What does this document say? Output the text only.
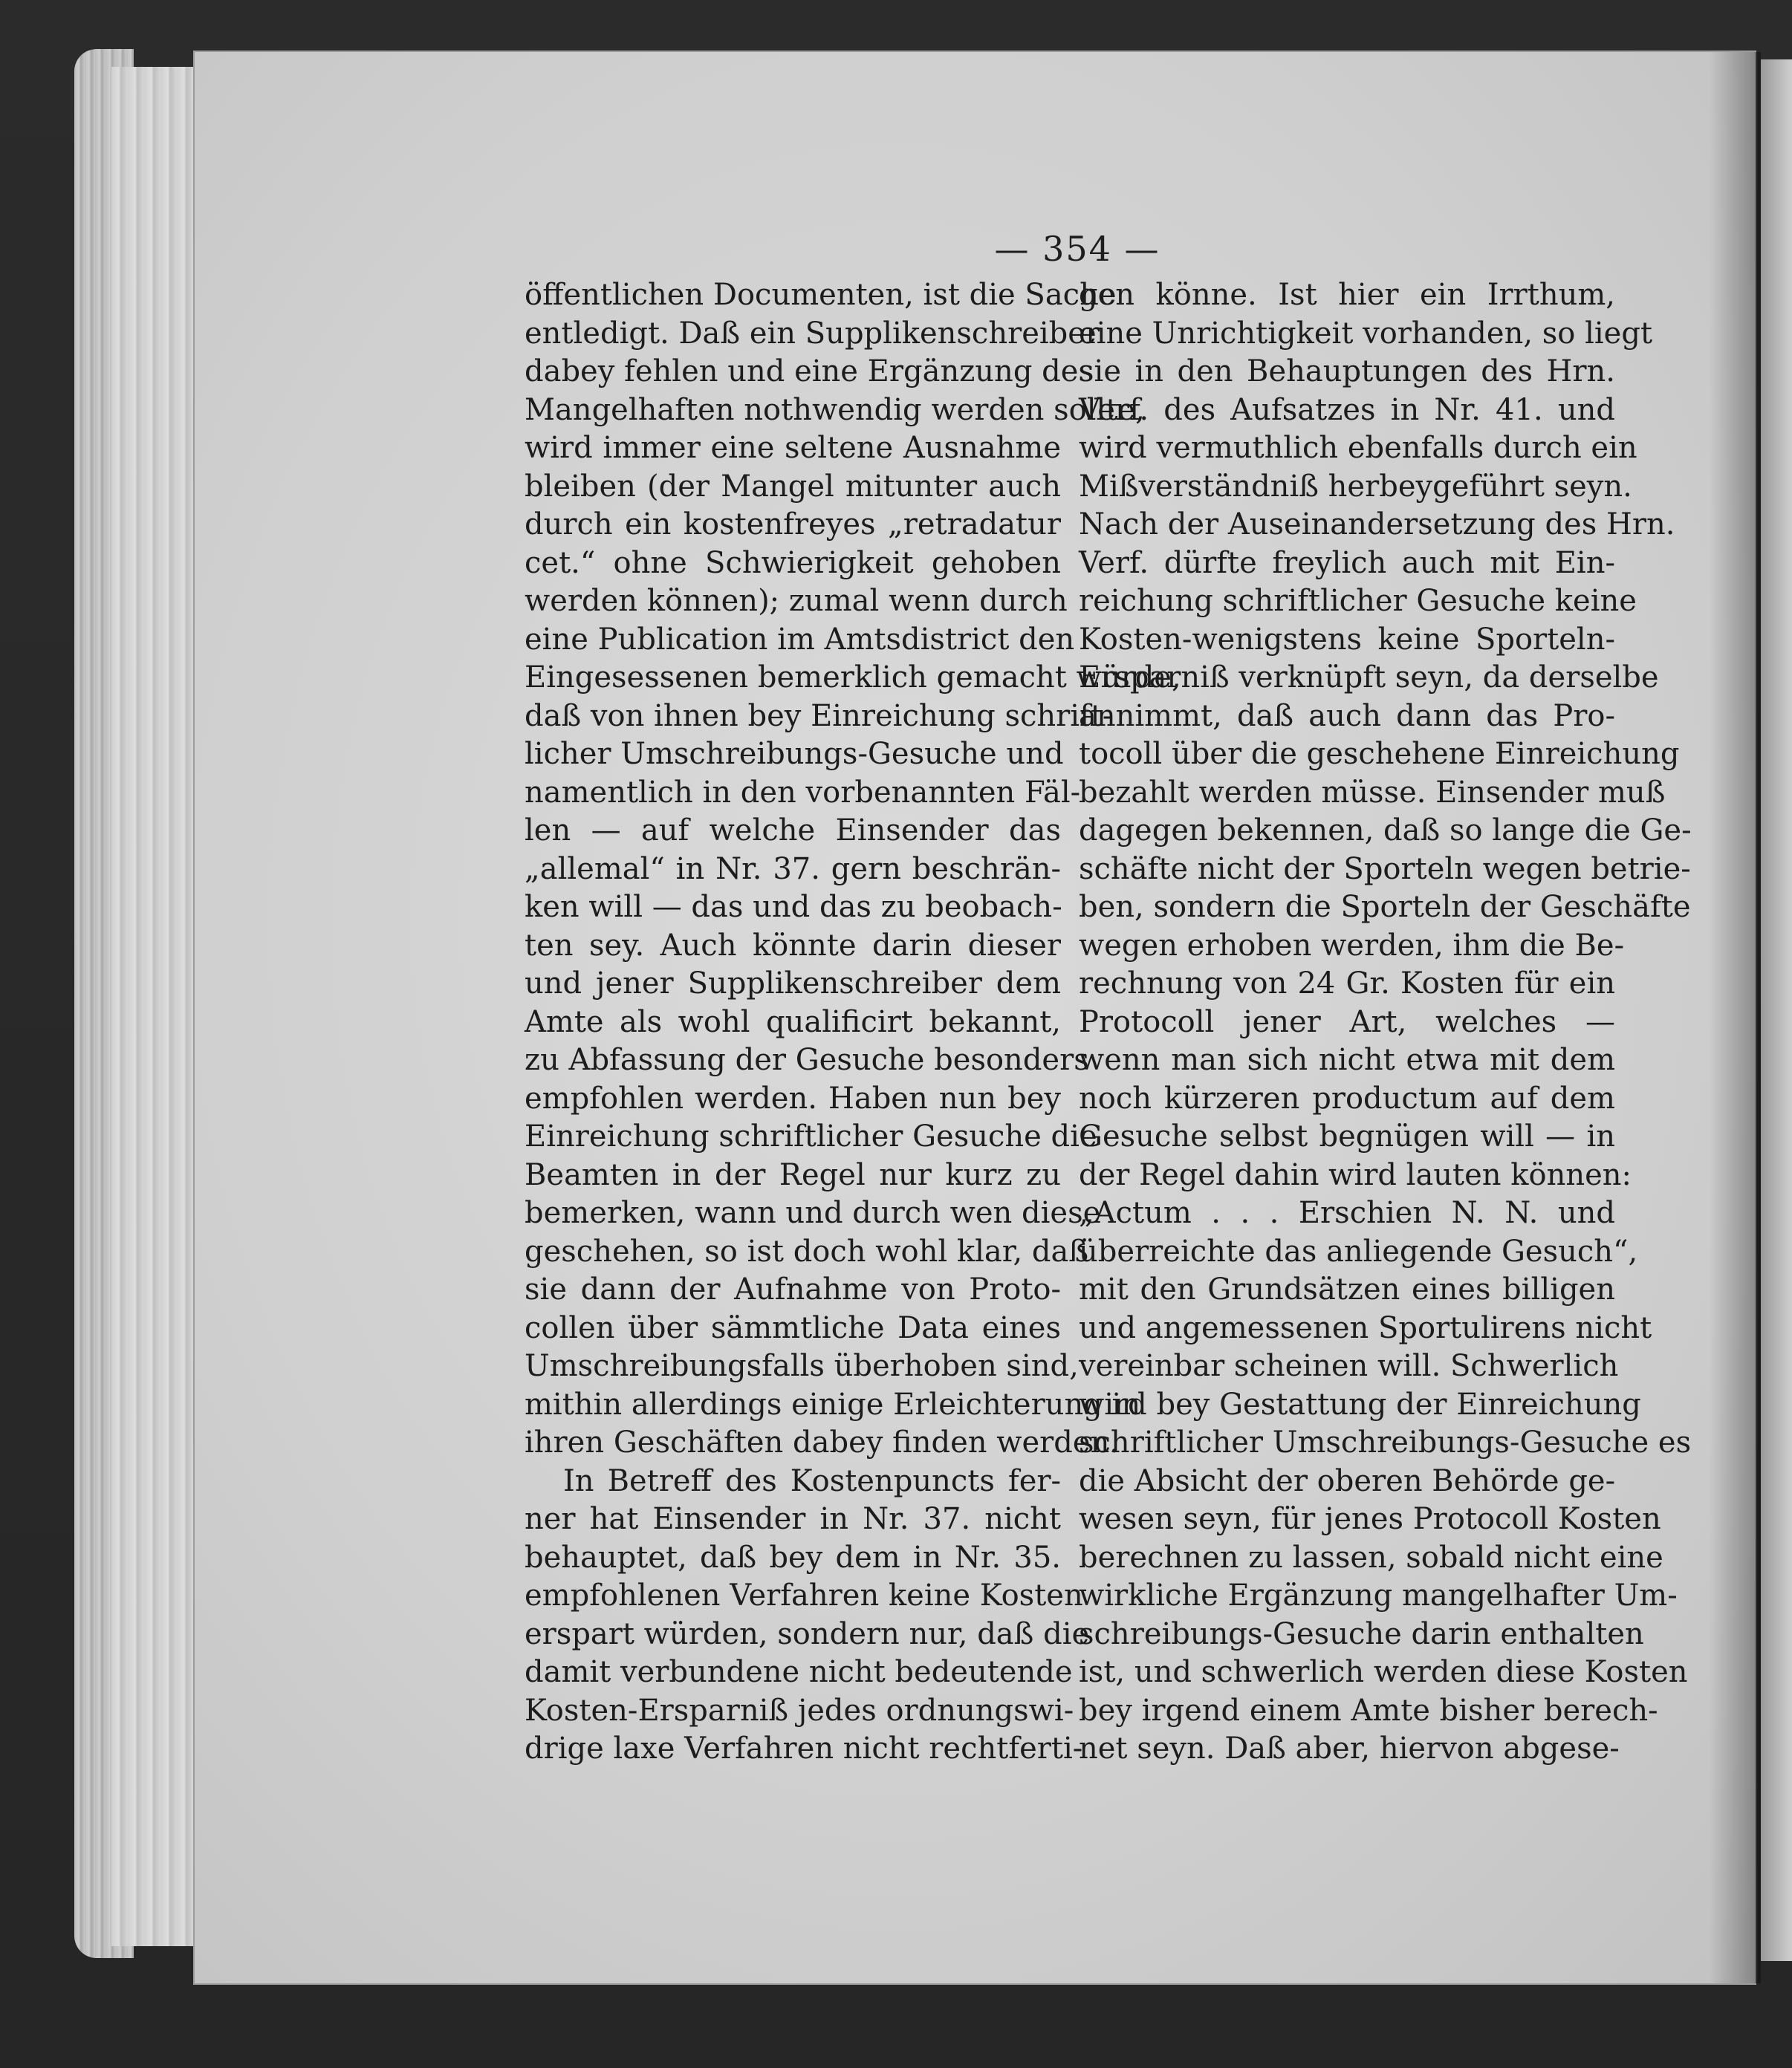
— 354 —
öffentlichen Documenten, ist die Sache
entledigt. Daß ein Supplikenschreiber
dabey fehlen und eine Ergänzung des
Mangelhaften nothwendig werden sollte,
wird immer eine seltene Ausnahme
bleiben (der Mangel mitunter auch
durch ein kostenfreyes „retradatur
cet.“ ohne Schwierigkeit gehoben
werden können); zumal wenn durch
eine Publication im Amtsdistrict den
Eingesessenen bemerklich gemacht würde,
daß von ihnen bey Einreichung schrift-
licher Umschreibungs-Gesuche und
namentlich in den vorbenannten Fäl-
len — auf welche Einsender das
„allemal“ in Nr. 37. gern beschrän-
ken will — das und das zu beobach-
ten sey. Auch könnte darin dieser
und jener Supplikenschreiber dem
Amte als wohl qualificirt bekannt,
zu Abfassung der Gesuche besonders
empfohlen werden. Haben nun bey
Einreichung schriftlicher Gesuche die
Beamten in der Regel nur kurz zu
bemerken, wann und durch wen diese
geschehen, so ist doch wohl klar, daß
sie dann der Aufnahme von Proto-
collen über sämmtliche Data eines
Umschreibungsfalls überhoben sind,
mithin allerdings einige Erleichterung in
ihren Geschäften dabey finden werden.
In Betreff des Kostenpuncts fer-
ner hat Einsender in Nr. 37. nicht
behauptet, daß bey dem in Nr. 35.
empfohlenen Verfahren keine Kosten
erspart würden, sondern nur, daß die
damit verbundene nicht bedeutende
Kosten-Ersparniß jedes ordnungswi-
drige laxe Verfahren nicht rechtferti-
gen könne. Ist hier ein Irrthum,
eine Unrichtigkeit vorhanden, so liegt
sie in den Behauptungen des Hrn.
Verf. des Aufsatzes in Nr. 41. und
wird vermuthlich ebenfalls durch ein
Mißverständniß herbeygeführt seyn.
Nach der Auseinandersetzung des Hrn.
Verf. dürfte freylich auch mit Ein-
reichung schriftlicher Gesuche keine
Kosten-wenigstens keine Sporteln-
Ersparniß verknüpft seyn, da derselbe
annimmt, daß auch dann das Pro-
tocoll über die geschehene Einreichung
bezahlt werden müsse. Einsender muß
dagegen bekennen, daß so lange die Ge-
schäfte nicht der Sporteln wegen betrie-
ben, sondern die Sporteln der Geschäfte
wegen erhoben werden, ihm die Be-
rechnung von 24 Gr. Kosten für ein
Protocoll jener Art, welches —
wenn man sich nicht etwa mit dem
noch kürzeren productum auf dem
Gesuche selbst begnügen will — in
der Regel dahin wird lauten können:
„Actum . . . Erschien N. N. und
überreichte das anliegende Gesuch“,
mit den Grundsätzen eines billigen
und angemessenen Sportulirens nicht
vereinbar scheinen will. Schwerlich
wird bey Gestattung der Einreichung
schriftlicher Umschreibungs-Gesuche es
die Absicht der oberen Behörde ge-
wesen seyn, für jenes Protocoll Kosten
berechnen zu lassen, sobald nicht eine
wirkliche Ergänzung mangelhafter Um-
schreibungs-Gesuche darin enthalten
ist, und schwerlich werden diese Kosten
bey irgend einem Amte bisher berech-
net seyn. Daß aber, hiervon abgese-
